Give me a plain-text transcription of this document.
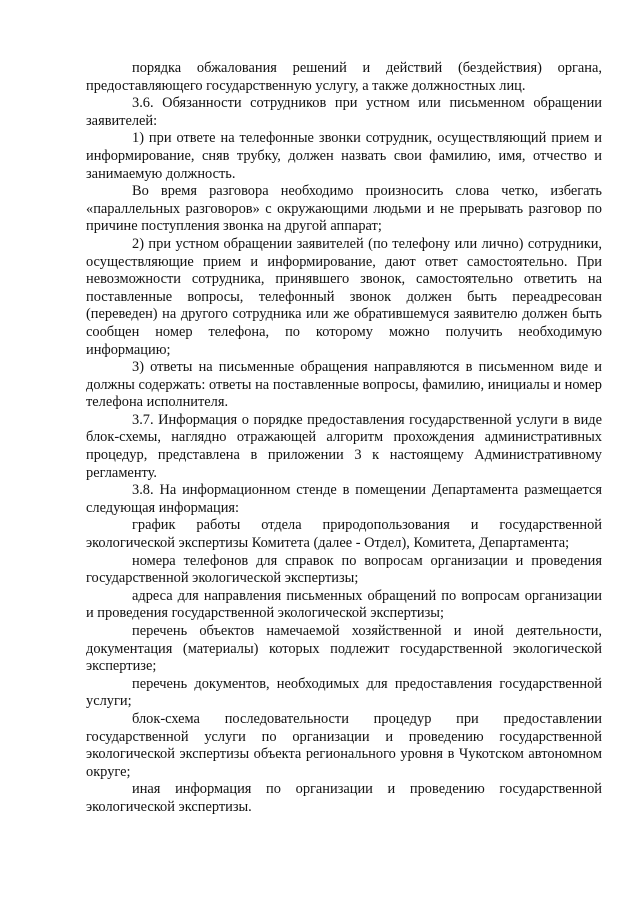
порядка обжалования решений и действий (бездействия) органа, предоставляющего государственную услугу, а также должностных лиц.

3.6. Обязанности сотрудников при устном или письменном обращении заявителей:

1) при ответе на телефонные звонки сотрудник, осуществляющий прием и информирование, сняв трубку, должен назвать свои фамилию, имя, отчество и занимаемую должность.

Во время разговора необходимо произносить слова четко, избегать «параллельных разговоров» с окружающими людьми и не прерывать разговор по причине поступления звонка на другой аппарат;

2) при устном обращении заявителей (по телефону или лично) сотрудники, осуществляющие прием и информирование, дают ответ самостоятельно. При невозможности сотрудника, принявшего звонок, самостоятельно ответить на поставленные вопросы, телефонный звонок должен быть переадресован (переведен) на другого сотрудника или же обратившемуся заявителю должен быть сообщен номер телефона, по которому можно получить необходимую информацию;

3) ответы на письменные обращения направляются в письменном виде и должны содержать: ответы на поставленные вопросы, фамилию, инициалы и номер телефона исполнителя.

3.7. Информация о порядке предоставления государственной услуги в виде блок-схемы, наглядно отражающей алгоритм прохождения административных процедур, представлена в приложении 3 к настоящему Административному регламенту.

3.8. На информационном стенде в помещении Департамента размещается следующая информация:

график работы отдела природопользования и государственной экологической экспертизы Комитета (далее - Отдел), Комитета, Департамента;

номера телефонов для справок по вопросам организации и проведения государственной экологической экспертизы;

адреса для направления письменных обращений по вопросам организации и проведения государственной экологической экспертизы;

перечень объектов намечаемой хозяйственной и иной деятельности, документация (материалы) которых подлежит государственной экологической экспертизе;

перечень документов, необходимых для предоставления государственной услуги;

блок-схема последовательности процедур при предоставлении государственной услуги по организации и проведению государственной экологической экспертизы объекта регионального уровня в Чукотском автономном округе;

иная информация по организации и проведению государственной экологической экспертизы.
